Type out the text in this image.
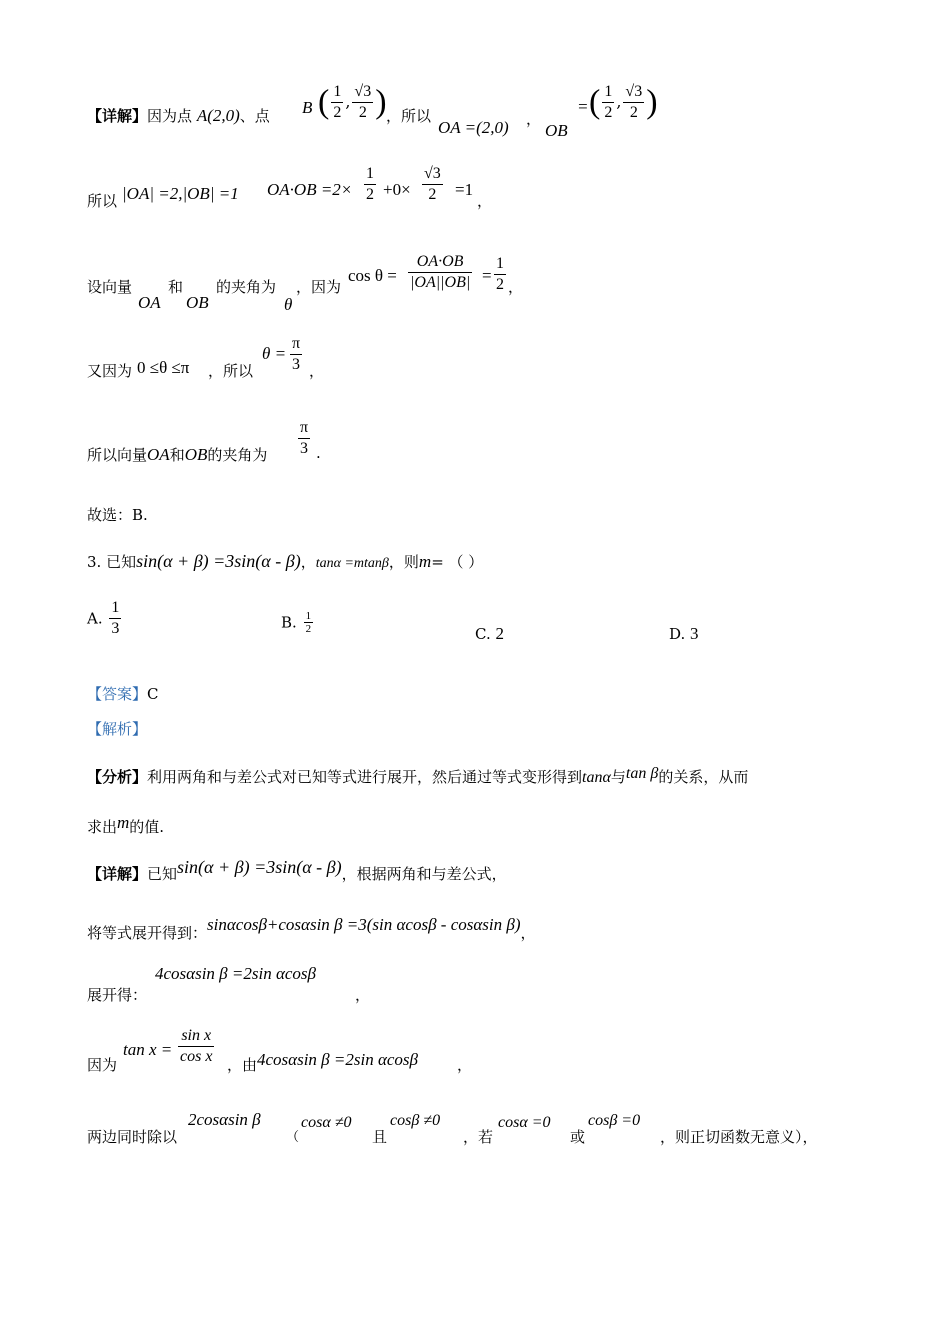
【详解】因为点 A(2,0)、点 B ( $\frac{1}{2}$ , $\frac{√3}{2}$ ) ，所以
OA =(2,0) ，
OB
= ( $\frac{1}{2}$ , $\frac{√3}{2}$ )
所以 |OA| =2,|OB| =1 $OA\cdot OB =2\times \frac{1}{2} +0\times \frac{√3}{2} =1$
，
设向量
OA
和
OB
的夹角为
θ
，因为
$\cos \theta = \frac{OA\cdot OB}{|OA||OB|} = \frac{1}{2}$ ，
又因为 0 ≤θ ≤π ，所以
$\theta = \frac{\pi}{3}$ ，
所以向量OA和OB的夹角为 $\frac{\pi}{3}$ .
故选：B.
3. 已知sin(α + β) =3sin(α - β)，tanα =mtanβ，则m= （ ）
A. $\frac{1}{3}$	B. $\frac{1}{2}$	C. 2	D. 3
【答案】C
【解析】
【分析】利用两角和与差公式对已知等式进行展开，然后通过等式变形得到tanα与tan β的关系，从而
求出m的值.
【详解】已知sin(α + β) =3sin(α - β)，根据两角和与差公式，
将等式展开得到：sinαcosβ+cosαsin β =3(sin αcosβ - cosαsin β)，
展开得：
4cosαsin β =2sin αcosβ
，
因为
$\tan x = \frac{\text{sin x}}{\text{cos x}}$ ，由 4cosαsin β =2sin αcosβ	，
两边同时除以
2cosαsin β
（
cosα ≠0
且
cosβ ≠0
，若
cosα =0
或
cosβ =0
，则正切函数无意义），
